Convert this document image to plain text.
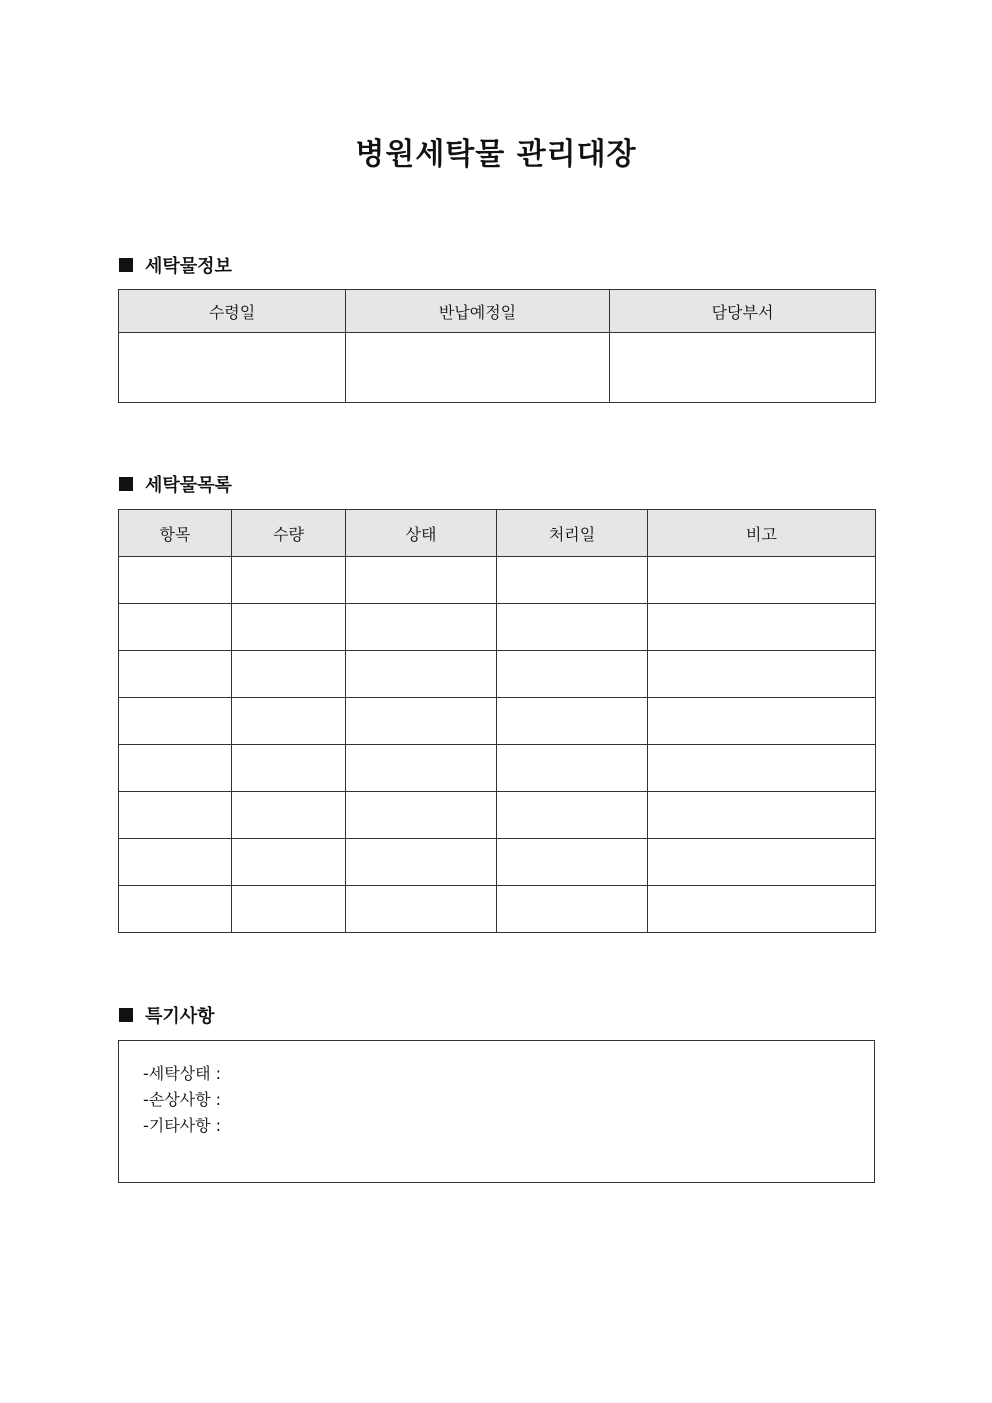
병원세탁물 관리대장
세탁물정보
수령일	반납예정일	담당부서

세탁물목록
항목	수량	상태	처리일	비고

특기사항
-세탁상태 :
-손상사항 :
-기타사항 :
